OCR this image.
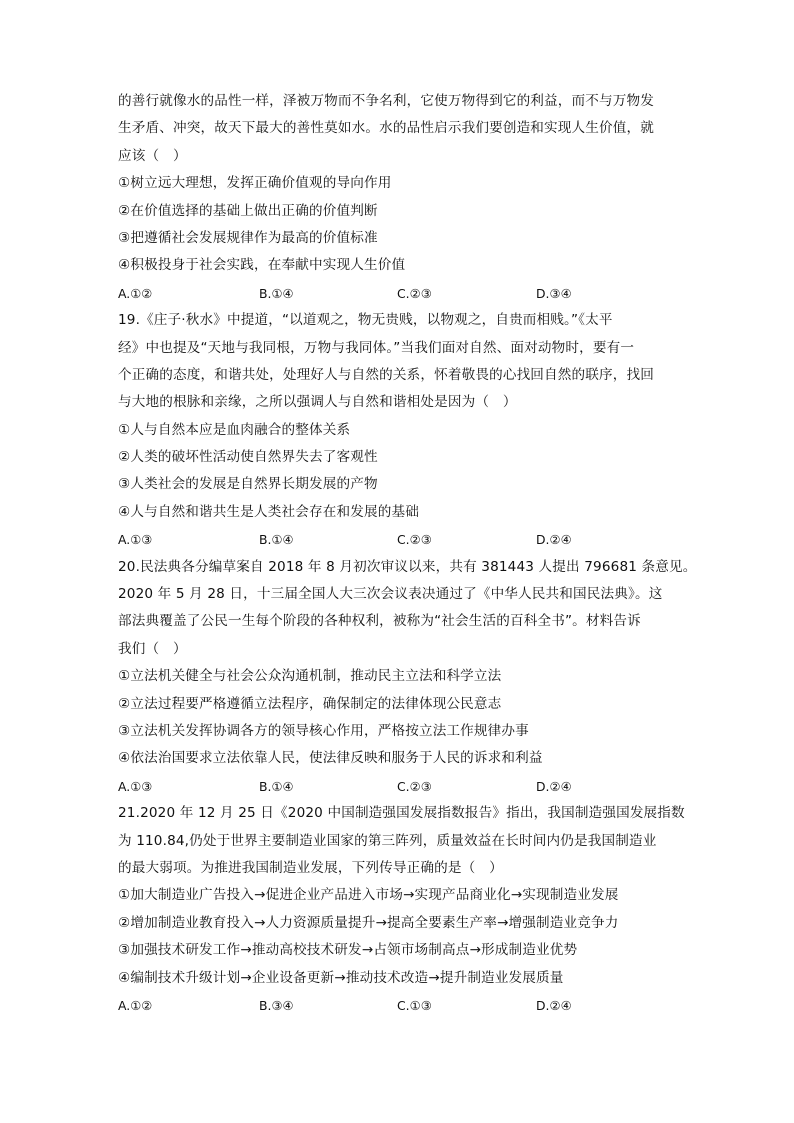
的善行就像水的品性一样，泽被万物而不争名利，它使万物得到它的利益，而不与万物发
生矛盾、冲突，故天下最大的善性莫如水。水的品性启示我们要创造和实现人生价值，就
应该（　）
①树立远大理想，发挥正确价值观的导向作用
②在价值选择的基础上做出正确的价值判断
③把遵循社会发展规律作为最高的价值标准
④积极投身于社会实践，在奉献中实现人生价值
A.①②	B.①④	C.②③	D.③④
19.《庄子·秋水》中提道，“以道观之，物无贵贱，以物观之，自贵而相贱。”《太平
经》中也提及“天地与我同根，万物与我同体。”当我们面对自然、面对动物时，要有一
个正确的态度，和谐共处，处理好人与自然的关系，怀着敬畏的心找回自然的联序，找回
与大地的根脉和亲缘，之所以强调人与自然和谐相处是因为（　）
①人与自然本应是血肉融合的整体关系
②人类的破坏性活动使自然界失去了客观性
③人类社会的发展是自然界长期发展的产物
④人与自然和谐共生是人类社会存在和发展的基础
A.①③	B.①④	C.②③	D.②④
20.民法典各分编草案自 2018 年 8 月初次审议以来，共有 381443 人提出 796681 条意见。
2020 年 5 月 28 日，十三届全国人大三次会议表决通过了《中华人民共和国民法典》。这
部法典覆盖了公民一生每个阶段的各种权利，被称为“社会生活的百科全书”。材料告诉
我们（　）
①立法机关健全与社会公众沟通机制，推动民主立法和科学立法
②立法过程要严格遵循立法程序，确保制定的法律体现公民意志
③立法机关发挥协调各方的领导核心作用，严格按立法工作规律办事
④依法治国要求立法依靠人民，使法律反映和服务于人民的诉求和利益
A.①③	B.①④	C.②③	D.②④
21.2020 年 12 月 25 日《2020 中国制造强国发展指数报告》指出，我国制造强国发展指数
为 110.84,仍处于世界主要制造业国家的第三阵列，质量效益在长时间内仍是我国制造业
的最大弱项。为推进我国制造业发展，下列传导正确的是（　）
①加大制造业广告投入→促进企业产品进入市场→实现产品商业化→实现制造业发展
②增加制造业教育投入→人力资源质量提升→提高全要素生产率→增强制造业竞争力
③加强技术研发工作→推动高校技术研发→占领市场制高点→形成制造业优势
④编制技术升级计划→企业设备更新→推动技术改造→提升制造业发展质量
A.①②	B.③④	C.①③	D.②④
